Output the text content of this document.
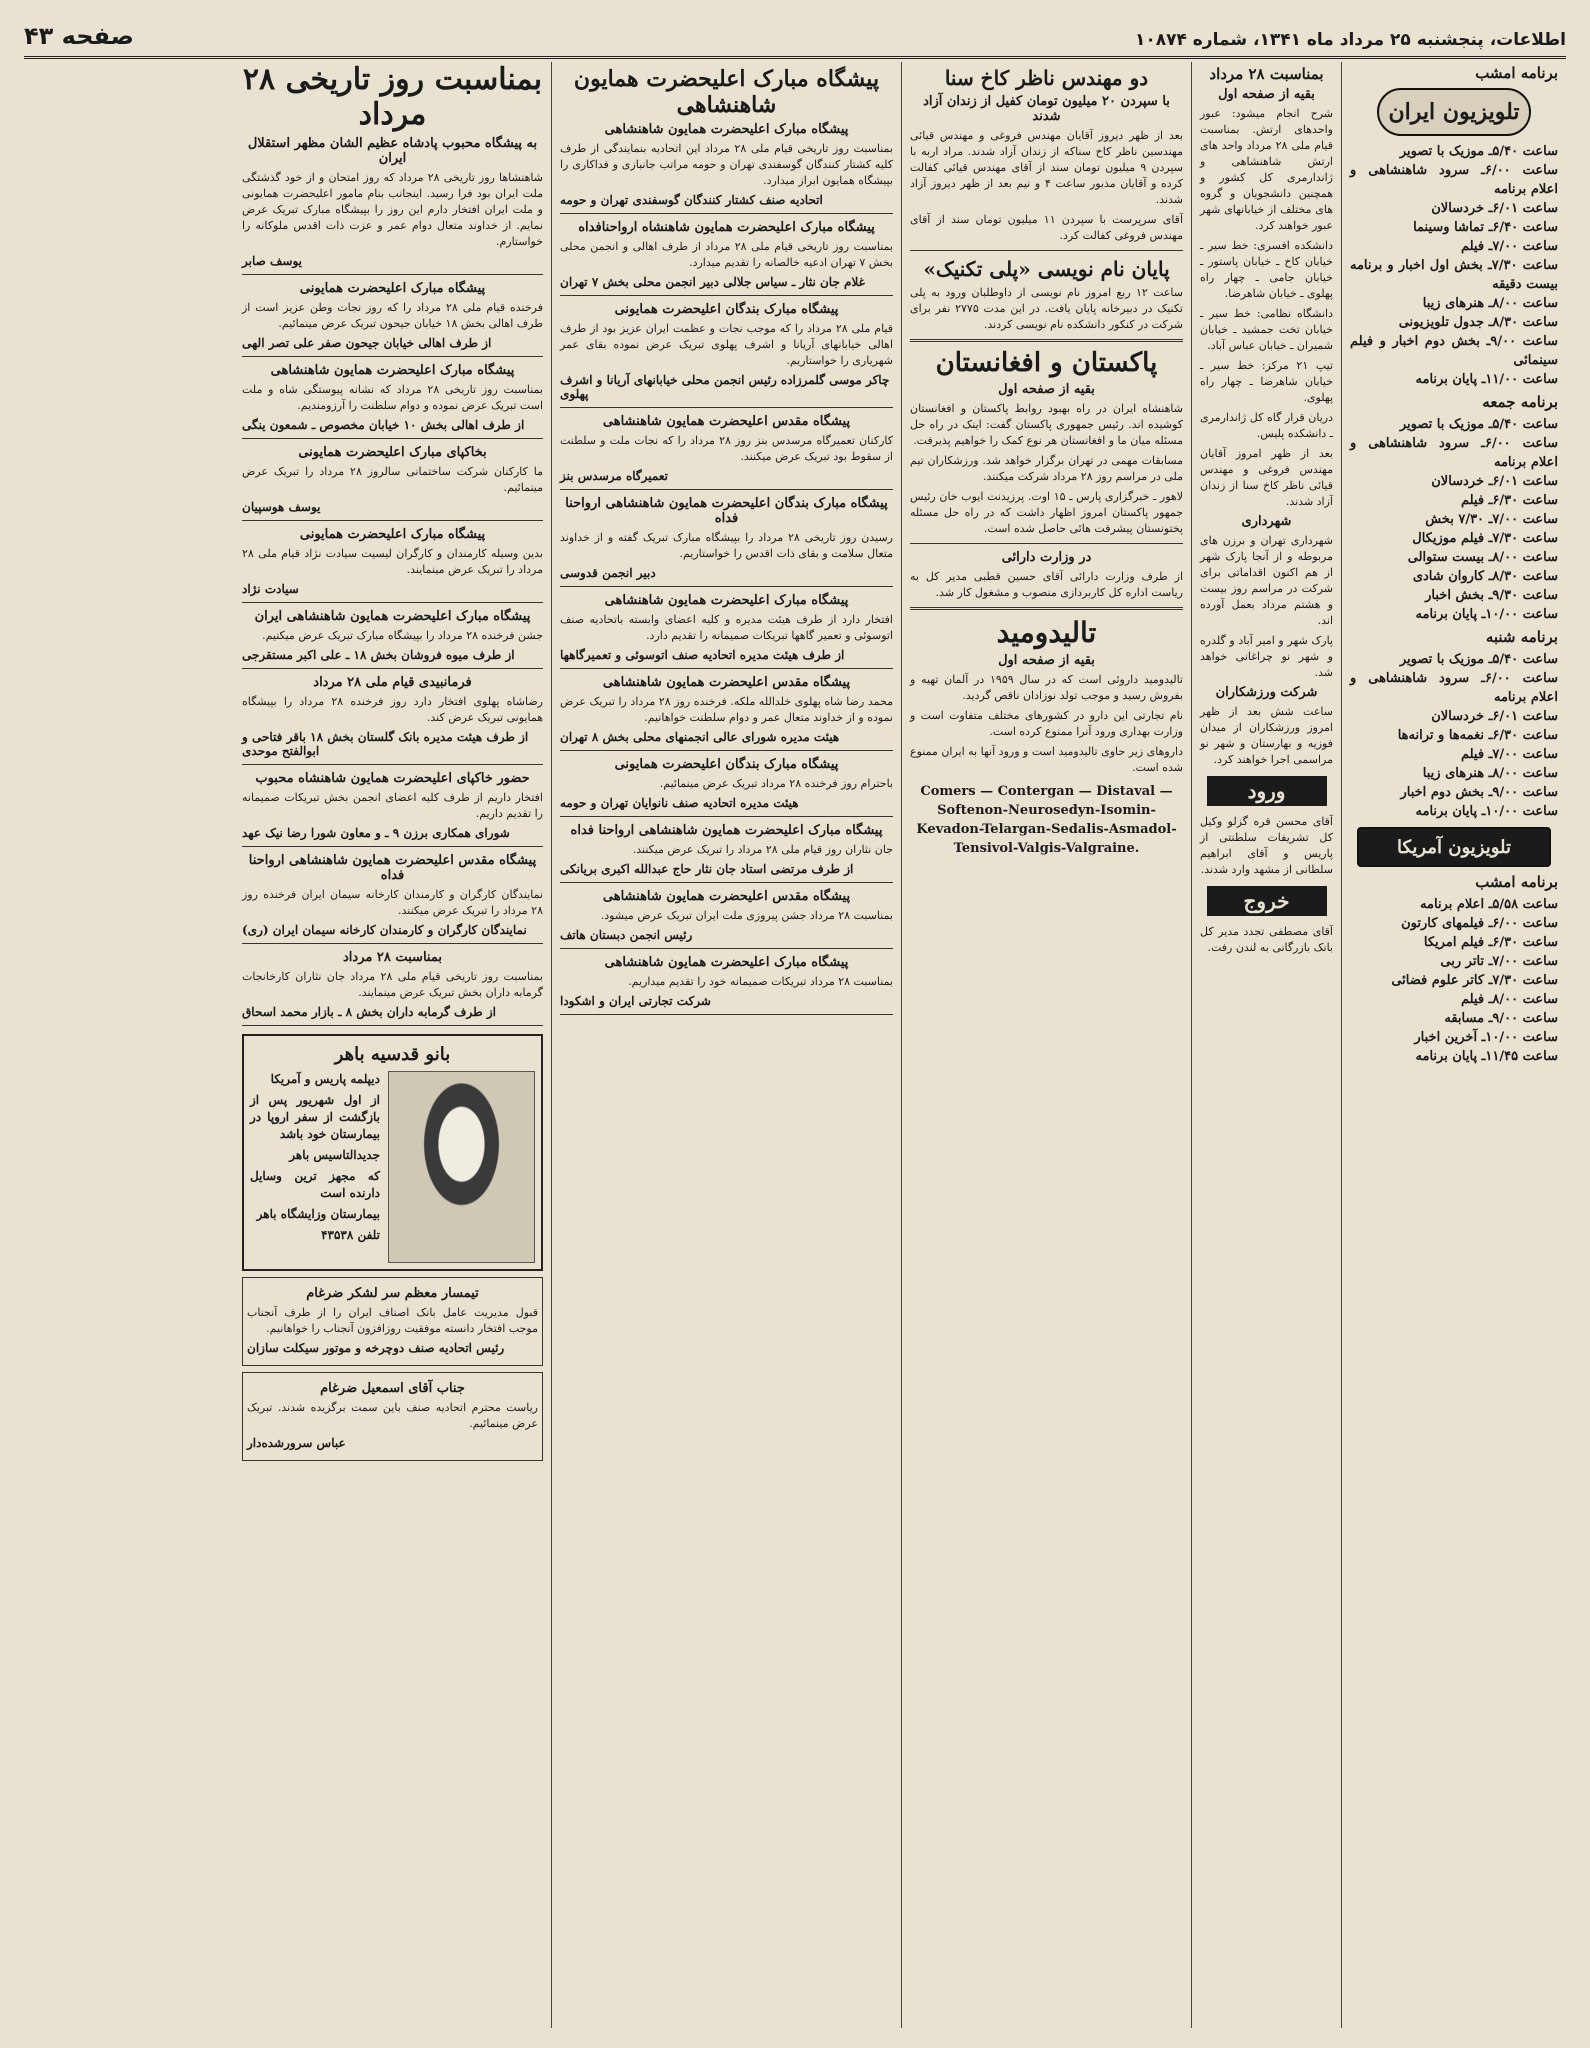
اطلاعات، پنجشنبه ۲۵ مرداد ماه ۱۳۴۱، شماره ۱۰۸۷۴
صفحه ۴۳
برنامه امشب
تلویزیون ایران

ساعت ۵/۴۰ـ موزیک با تصویر

ساعت ۶/۰۰ـ سرود شاهنشاهی و اعلام برنامه

ساعت ۶/۰۱ـ خردسالان

ساعت ۶/۴۰ـ تماشا وسینما

ساعت ۷/۰۰ـ فیلم

ساعت ۷/۳۰ـ بخش اول اخبار و برنامه بیست دقیقه

ساعت ۸/۰۰ـ هنرهای زیبا

ساعت ۸/۳۰ـ جدول تلویزیونی

ساعت ۹/۰۰ـ بخش دوم اخبار و فیلم سینمائی

ساعت ۱۱/۰۰ـ پایان برنامه

برنامه جمعه

ساعت ۵/۴۰ـ موزیک با تصویر

ساعت ۶/۰۰ـ سرود شاهنشاهی و اعلام برنامه

ساعت ۶/۰۱ـ خردسالان

ساعت ۶/۳۰ـ فیلم

ساعت ۷/۰۰ـ ۷/۳۰ بخش

ساعت ۷/۳۰ـ فیلم موزیکال

ساعت ۸/۰۰ـ بیست ستوالی

ساعت ۸/۳۰ـ کاروان شادی

ساعت ۹/۳۰ـ بخش اخبار

ساعت ۱۰/۰۰ـ پایان برنامه

برنامه شنبه

ساعت ۵/۴۰ـ موزیک با تصویر

ساعت ۶/۰۰ـ سرود شاهنشاهی و اعلام برنامه

ساعت ۶/۰۱ـ خردسالان

ساعت ۶/۳۰ـ نغمه‌ها و ترانه‌ها

ساعت ۷/۰۰ـ فیلم

ساعت ۸/۰۰ـ هنرهای زیبا

ساعت ۹/۰۰ـ بخش دوم اخبار

ساعت ۱۰/۰۰ـ پایان برنامه

تلویزیون آمریکا
برنامه امشب

ساعت ۵/۵۸ـ اعلام برنامه

ساعت ۶/۰۰ـ فیلمهای کارتون

ساعت ۶/۳۰ـ فیلم امریکا

ساعت ۷/۰۰ـ تاتر ربی

ساعت ۷/۳۰ـ کاتر علوم فضائی

ساعت ۸/۰۰ـ فیلم

ساعت ۹/۰۰ـ مسابقه

ساعت ۱۰/۰۰ـ آخرین اخبار

ساعت ۱۱/۴۵ـ پایان برنامه

بمناسبت ۲۸ مرداد
بقیه از صفحه اول

شرح انجام میشود: عبور واحدهای ارتش. بمناسبت قیام ملی ۲۸ مرداد واحد های ارتش شاهنشاهی و ژاندارمری کل کشور و همچنین دانشجویان و گروه های مختلف از خیابانهای شهر عبور خواهند کرد.

دانشکده افسری: خط سیر ـ خیابان کاخ ـ خیابان پاستور ـ خیابان جامی ـ چهار راه پهلوی ـ خیابان شاهرضا.

دانشگاه نظامی: خط سیر ـ خیابان تخت جمشید ـ خیابان شمیران ـ خیابان عباس آباد.

تیپ ۲۱ مرکز: خط سیر ـ خیابان شاهرضا ـ چهار راه پهلوی.

دریان قرار گاه کل ژاندارمری ـ دانشکده پلیس.

بعد از ظهر امروز آقایان مهندس فروغی و مهندس قیائی ناظر کاخ سنا از زندان آزاد شدند.

شهرداری

شهرداری تهران و برزن های مربوطه و از آنجا پارک شهر از هم اکنون اقداماتی برای شرکت در مراسم روز بیست و هشتم مرداد بعمل آورده اند.

پارک شهر و امیر آباد و گلدره و شهر نو چراغانی خواهد شد.

شرکت ورزشکاران

ساعت شش بعد از ظهر امروز ورزشکاران از میدان فوزیه و بهارستان و شهر نو مراسمی اجرا خواهند کرد.

ورود

آقای محسن قره گزلو وکیل کل تشریفات سلطنتی از پاریس و آقای ابراهیم سلطانی از مشهد وارد شدند.

خروج

آقای مصطفی تجدد مدیر کل بانک بازرگانی به لندن رفت.

دو مهندس ناظر کاخ سنا
با سپردن ۲۰ میلیون تومان کفیل از زندان آزاد شدند

بعد از ظهر دیروز آقایان مهندس فروغی و مهندس قیائی مهندسین ناظر کاخ سناکه از زندان آزاد شدند. مراد اربه با سپردن ۹ میلیون تومان سند از آقای مهندس قیائی کفالت کرده و آقایان مذبور ساعت ۴ و نیم بعد از ظهر دیروز آزاد شدند.

آقای سرپرست با سپردن ۱۱ میلیون تومان سند از آقای مهندس فروغی کفالت کرد.

پایان نام نویسی «پلی تکنیک»

ساعت ۱۲ ربع امروز نام نویسی از داوطلبان ورود به پلی تکنیک در دبیرخانه پایان یافت. در این مدت ۲۷۷۵ نفر برای شرکت در کنکور دانشکده نام نویسی کردند.

پاکستان و افغانستان
بقیه از صفحه اول

شاهنشاه ایران در راه بهبود روابط پاکستان و افغانستان کوشیده اند. رئیس جمهوری پاکستان گفت: اینک در راه حل مسئله میان ما و افغانستان هر نوع کمک را خواهیم پذیرفت.

مسابقات مهمی در تهران برگزار خواهد شد. ورزشکاران تیم ملی در مراسم روز ۲۸ مرداد شرکت میکنند.

لاهور ـ خبرگزاری پارس ـ ۱۵ اوت. پرزیدنت ایوب خان رئیس جمهور پاکستان امروز اظهار داشت که در راه حل مسئله پختونستان پیشرفت هائی حاصل شده است.

در وزارت دارائی

از طرف وزارت دارائی آقای حسین قطبی مدیر کل به ریاست اداره کل کاربردازی منصوب و مشغول کار شد.

تالیدومید
بقیه از صفحه اول

تالیدومید داروئی است که در سال ۱۹۵۹ در آلمان تهیه و بفروش رسید و موجب تولد نوزادان ناقص گردید.

نام تجارتی این دارو در کشورهای مختلف متفاوت است و وزارت بهداری ورود آنرا ممنوع کرده است.

داروهای زیر حاوی تالیدومید است و ورود آنها به ایران ممنوع شده است.

Comers — Contergan — Distaval — Softenon-Neurosedyn-Isomin-Kevadon-Telargan-Sedalis-Asmadol-Tensivol-Valgis-Valgraine.
پیشگاه مبارک اعلیحضرت همایون شاهنشاهی
پیشگاه مبارک اعلیحضرت همایون شاهنشاهی

بمناسبت روز تاریخی قیام ملی ۲۸ مرداد این اتحادیه بنمایندگی از طرف کلیه کشتار کنندگان گوسفندی تهران و حومه مراتب جانبازی و فداکاری را بپیشگاه همایون ابراز میدارد.

اتحادیه صنف کشتار کنندگان گوسفندی تهران و حومه
پیشگاه مبارک اعلیحضرت همایون شاهنشاه ارواحنافداه

بمناسبت روز تاریخی قیام ملی ۲۸ مرداد از طرف اهالی و انجمن محلی بخش ۷ تهران ادعیه خالصانه را تقدیم میدارد.

غلام جان نثار ـ سیاس جلالی دبیر انجمن محلی بخش ۷ تهران
پیشگاه مبارک بندگان اعلیحضرت همایونی

قیام ملی ۲۸ مرداد را که موجب نجات و عظمت ایران عزیز بود از طرف اهالی خیابانهای آریانا و اشرف پهلوی تبریک عرض نموده بقای عمر شهریاری را خواستاریم.

چاکر موسی گلمرزاده رئیس انجمن محلی خیابانهای آریانا و اشرف پهلوی
پیشگاه مقدس اعلیحضرت همایون شاهنشاهی

کارکنان تعمیرگاه مرسدس بنز روز ۲۸ مرداد را که نجات ملت و سلطنت از سقوط بود تبریک عرض میکنند.

تعمیرگاه مرسدس بنز
پیشگاه مبارک بندگان اعلیحضرت همایون شاهنشاهی ارواحنا فداه

رسیدن روز تاریخی ۲۸ مرداد را بپیشگاه مبارک تبریک گفته و از خداوند متعال سلامت و بقای ذات اقدس را خواستاریم.

دبیر انجمن قدوسی
پیشگاه مبارک اعلیحضرت همایون شاهنشاهی

افتخار دارد از طرف هیئت مدیره و کلیه اعضای وابسته باتحادیه صنف اتوسوئی و تعمیر گاهها تبریکات صمیمانه را تقدیم دارد.

از طرف هیئت مدیره اتحادیه صنف اتوسوئی و تعمیرگاهها
پیشگاه مقدس اعلیحضرت همایون شاهنشاهی

محمد رضا شاه پهلوی خلدالله ملکه. فرخنده روز ۲۸ مرداد را تبریک عرض نموده و از خداوند متعال عمر و دوام سلطنت خواهانیم.

هیئت مدیره شورای عالی انجمنهای محلی بخش ۸ تهران
پیشگاه مبارک بندگان اعلیحضرت همایونی

باحترام روز فرخنده ۲۸ مرداد تبریک عرض مینمائیم.

هیئت مدیره اتحادیه صنف نانوایان تهران و حومه
پیشگاه مبارک اعلیحضرت همایون شاهنشاهی ارواحنا فداه

جان نثاران روز قیام ملی ۲۸ مرداد را تبریک عرض میکنند.

از طرف مرتضی استاد جان نثار حاج عبدالله اکبری بریانکی
پیشگاه مقدس اعلیحضرت همایون شاهنشاهی

بمناسبت ۲۸ مرداد جشن پیروزی ملت ایران تبریک عرض میشود.

رئیس انجمن دبستان هاتف
پیشگاه مبارک اعلیحضرت همایون شاهنشاهی

بمناسبت ۲۸ مرداد تبریکات صمیمانه خود را تقدیم میداریم.

شرکت تجارتی ایران و اشکودا
بمناسبت روز تاریخی ۲۸ مرداد
به پیشگاه محبوب پادشاه عظیم الشان مظهر استقلال ایران

شاهنشاها روز تاریخی ۲۸ مرداد که روز امتحان و از خود گذشتگی ملت ایران بود فرا رسید. اینجانب بنام مامور اعلیحضرت همایونی و ملت ایران افتخار دارم این روز را بپیشگاه مبارک تبریک عرض نمایم. از خداوند متعال دوام عمر و عزت ذات اقدس ملوکانه را خواستارم.

یوسف صابر
پیشگاه مبارک اعلیحضرت همایونی

فرخنده قیام ملی ۲۸ مرداد را که روز نجات وطن عزیز است از طرف اهالی بخش ۱۸ خیابان جیحون تبریک عرض مینمائیم.

از طرف اهالی خیابان جیحون صفر علی تصر الهی
پیشگاه مبارک اعلیحضرت همایون شاهنشاهی

بمناسبت روز تاریخی ۲۸ مرداد که نشانه پیوستگی شاه و ملت است تبریک عرض نموده و دوام سلطنت را آرزومندیم.

از طرف اهالی بخش ۱۰ خیابان مخصوص ـ شمعون ینگی
بخاکپای مبارک اعلیحضرت همایونی

ما کارکنان شرکت ساختمانی سالروز ۲۸ مرداد را تبریک عرض مینمائیم.

یوسف هوسپیان
پیشگاه مبارک اعلیحضرت همایونی

بدین وسیله کارمندان و کارگران لیسیت سیادت نژاد قیام ملی ۲۸ مرداد را تبریک عرض مینمایند.

سیادت نژاد
پیشگاه مبارک اعلیحضرت همایون شاهنشاهی ایران

جشن فرخنده ۲۸ مرداد را بپیشگاه مبارک تبریک عرض میکنیم.

از طرف میوه فروشان بخش ۱۸ ـ علی اکبر مستقرجی
فرمانبیدی قیام ملی ۲۸ مرداد

رضاشاه پهلوی افتخار دارد روز فرخنده ۲۸ مرداد را بپیشگاه همایونی تبریک عرض کند.

از طرف هیئت مدیره بانک گلستان بخش ۱۸ باقر فتاحی و ابوالفتح موحدی
حضور خاکپای اعلیحضرت همایون شاهنشاه محبوب

افتخار داریم از طرف کلیه اعضای انجمن بخش تبریکات صمیمانه را تقدیم داریم.

شورای همکاری برزن ۹ ـ و معاون شورا رضا نیک عهد
پیشگاه مقدس اعلیحضرت همایون شاهنشاهی ارواحنا فداه

نمایندگان کارگران و کارمندان کارخانه سیمان ایران فرخنده روز ۲۸ مرداد را تبریک عرض میکنند.

نمایندگان کارگران و کارمندان کارخانه سیمان ایران (ری)
بمناسبت ۲۸ مرداد

بمناسبت روز تاریخی قیام ملی ۲۸ مرداد جان نثاران کارخانجات گرمابه داران بخش تبریک عرض مینمایند.

از طرف گرمابه داران بخش ۸ ـ بازار محمد اسحاق
بانو قدسیه باهر

دیپلمه پاریس و آمریکا

از اول شهریور پس از بازگشت از سفر اروپا در بیمارستان خود باشد

جدیدالتاسیس باهر

که مجهز ترین وسایل دارنده است

بیمارستان وزایشگاه باهر

تلفن ۴۳۵۳۸

تیمسار معظم سر لشکر ضرغام

قبول مدیریت عامل بانک اصناف ایران را از طرف آنجناب موجب افتخار دانسته موفقیت روزافزون آنجناب را خواهانیم.

رئیس اتحادیه صنف دوچرخه و موتور سیکلت سازان
جناب آقای اسمعیل ضرغام

ریاست محترم اتحادیه صنف باین سمت برگزیده شدند. تبریک عرض مینمائیم.

عباس سرورشده‌دار
